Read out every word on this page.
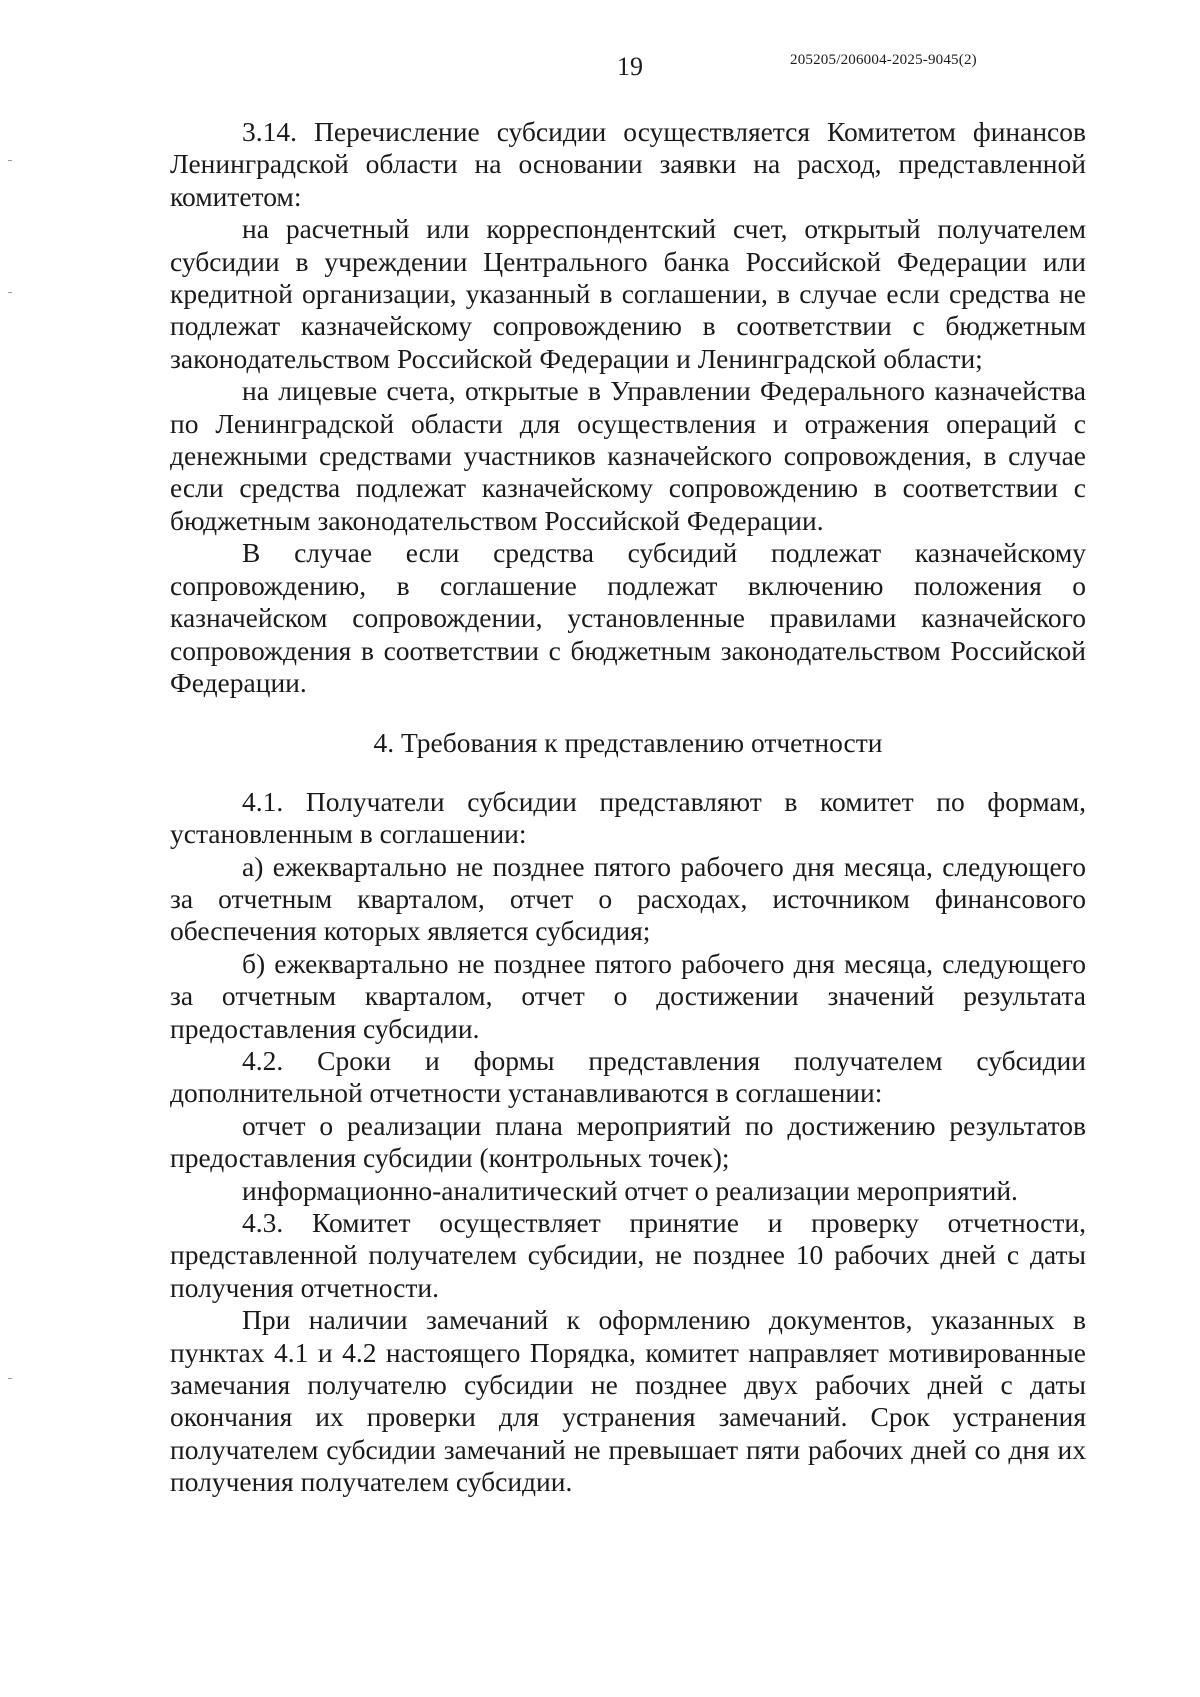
19	205205/206004-2025-9045(2)

3.14. Перечисление субсидии осуществляется Комитетом финансов Ленинградской области на основании заявки на расход, представленной комитетом:

на расчетный или корреспондентский счет, открытый получателем субсидии в учреждении Центрального банка Российской Федерации или кредитной организации, указанный в соглашении, в случае если средства не подлежат казначейскому сопровождению в соответствии с бюджетным законодательством Российской Федерации и Ленинградской области;

на лицевые счета, открытые в Управлении Федерального казначейства по Ленинградской области для осуществления и отражения операций с денежными средствами участников казначейского сопровождения, в случае если средства подлежат казначейскому сопровождению в соответствии с бюджетным законодательством Российской Федерации.

В случае если средства субсидий подлежат казначейскому сопровождению, в соглашение подлежат включению положения о казначейском сопровождении, установленные правилами казначейского сопровождения в соответствии с бюджетным законодательством Российской Федерации.

4. Требования к представлению отчетности

4.1. Получатели субсидии представляют в комитет по формам, установленным в соглашении:

а) ежеквартально не позднее пятого рабочего дня месяца, следующего за отчетным кварталом, отчет о расходах, источником финансового обеспечения которых является субсидия;

б) ежеквартально не позднее пятого рабочего дня месяца, следующего за отчетным кварталом, отчет о достижении значений результата предоставления субсидии.

4.2. Сроки и формы представления получателем субсидии дополнительной отчетности устанавливаются в соглашении:

отчет о реализации плана мероприятий по достижению результатов предоставления субсидии (контрольных точек);

информационно-аналитический отчет о реализации мероприятий.

4.3. Комитет осуществляет принятие и проверку отчетности, представленной получателем субсидии, не позднее 10 рабочих дней с даты получения отчетности.

При наличии замечаний к оформлению документов, указанных в пунктах 4.1 и 4.2 настоящего Порядка, комитет направляет мотивированные замечания получателю субсидии не позднее двух рабочих дней с даты окончания их проверки для устранения замечаний. Срок устранения получателем субсидии замечаний не превышает пяти рабочих дней со дня их получения получателем субсидии.
